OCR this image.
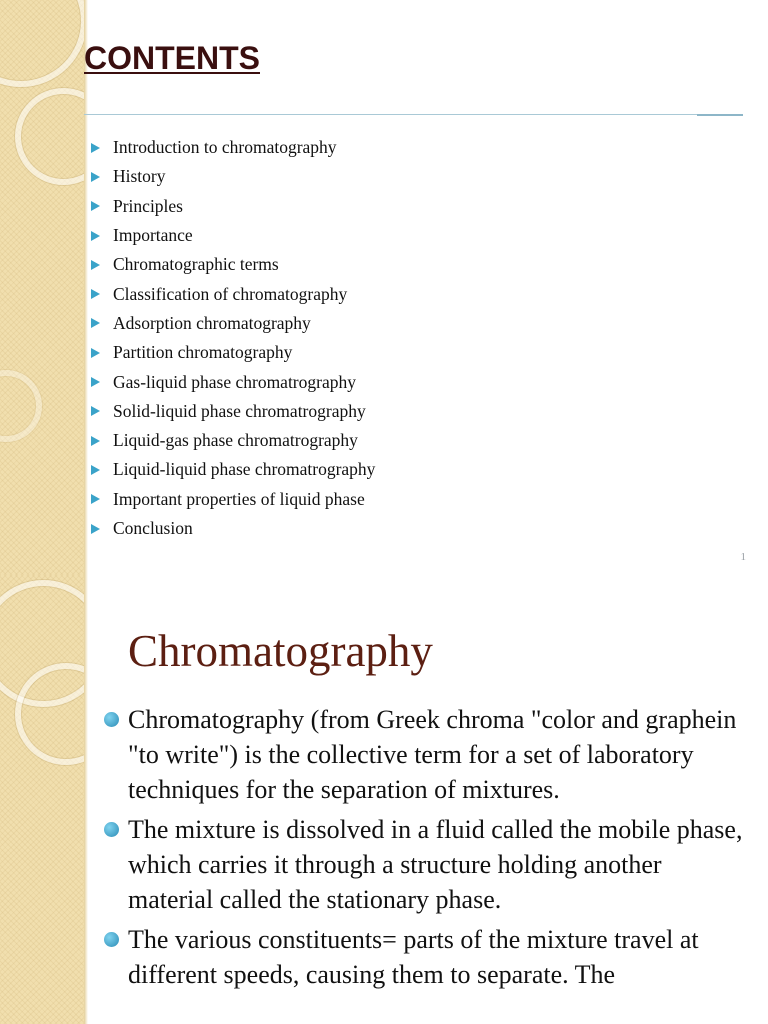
CONTENTS
Introduction to chromatography
History
Principles
Importance
Chromatographic terms
Classification of chromatography
Adsorption chromatography
Partition chromatography
Gas-liquid phase chromatrography
Solid-liquid phase chromatrography
Liquid-gas phase chromatrography
Liquid-liquid phase chromatrography
Important properties of liquid phase
Conclusion
1
Chromatography
Chromatography (from Greek chroma "color and graphein "to write") is the collective term for a set of laboratory techniques for the separation of mixtures.
The mixture is dissolved in a fluid called the mobile phase, which carries it through a structure holding another material called the stationary phase.
The various constituents= parts of the mixture travel at different speeds, causing them to separate. The
